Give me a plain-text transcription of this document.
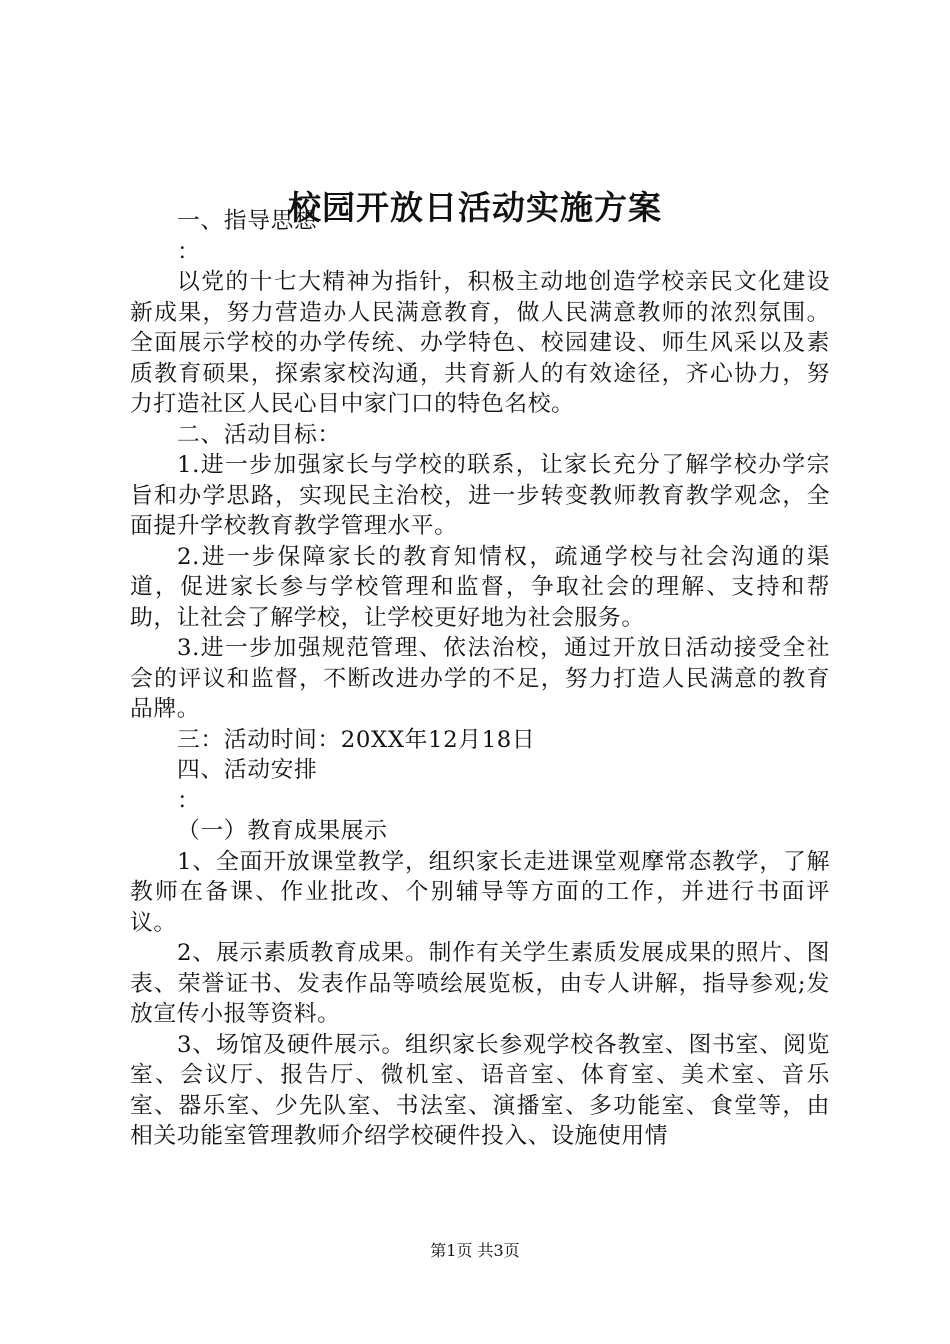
校园开放日活动实施方案

一、指导思想

：

以党的十七大精神为指针，积极主动地创造学校亲民文化建设新成果，努力营造办人民满意教育，做人民满意教师的浓烈氛围。全面展示学校的办学传统、办学特色、校园建设、师生风采以及素质教育硕果，探索家校沟通，共育新人的有效途径，齐心协力，努力打造社区人民心目中家门口的特色名校。

二、活动目标：

1.进一步加强家长与学校的联系，让家长充分了解学校办学宗旨和办学思路，实现民主治校，进一步转变教师教育教学观念，全面提升学校教育教学管理水平。

2.进一步保障家长的教育知情权，疏通学校与社会沟通的渠道，促进家长参与学校管理和监督，争取社会的理解、支持和帮助，让社会了解学校，让学校更好地为社会服务。

3.进一步加强规范管理、依法治校，通过开放日活动接受全社会的评议和监督，不断改进办学的不足，努力打造人民满意的教育品牌。

三：活动时间：20XX年12月18日

四、活动安排

：

（一）教育成果展示

1、全面开放课堂教学，组织家长走进课堂观摩常态教学，了解教师在备课、作业批改、个别辅导等方面的工作，并进行书面评议。

2、展示素质教育成果。制作有关学生素质发展成果的照片、图表、荣誉证书、发表作品等喷绘展览板，由专人讲解，指导参观;发放宣传小报等资料。

3、场馆及硬件展示。组织家长参观学校各教室、图书室、阅览室、会议厅、报告厅、微机室、语音室、体育室、美术室、音乐室、器乐室、少先队室、书法室、演播室、多功能室、食堂等，由相关功能室管理教师介绍学校硬件投入、设施使用情

第1页 共3页
